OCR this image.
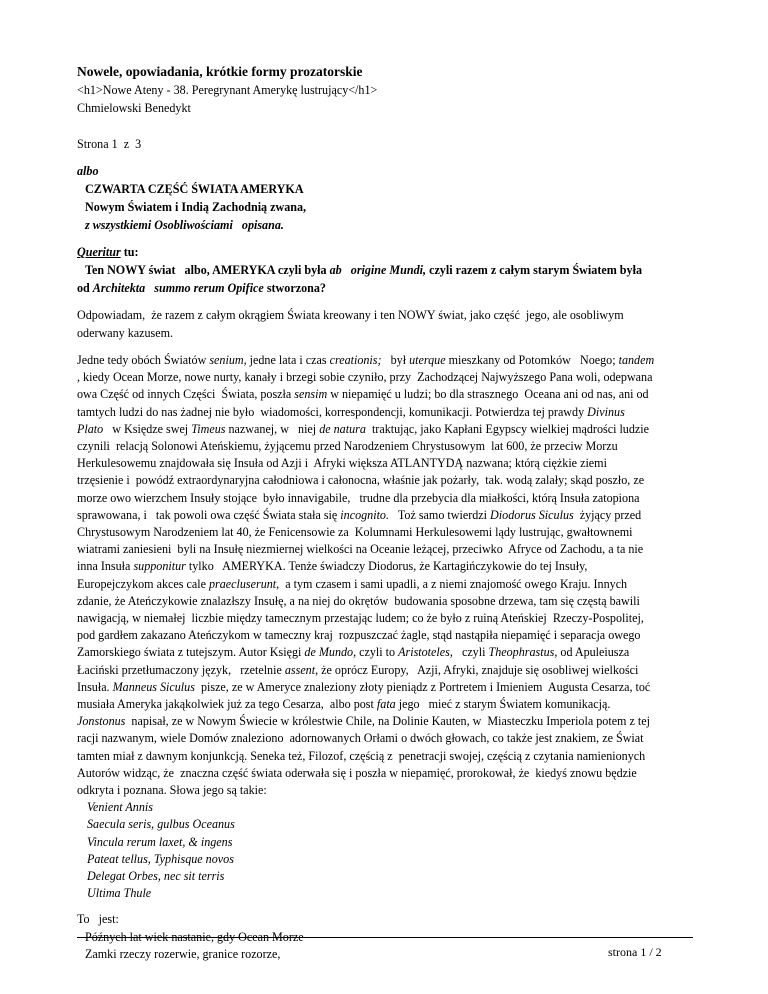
Nowele, opowiadania, krótkie formy prozatorskie
<h1>Nowe Ateny - 38. Peregrynant Amerykę lustrujący</h1>
Chmielowski Benedykt
Strona 1  z  3
albo
CZWARTA CZĘŚĆ ŚWIATA AMERYKA
Nowym Światem i Indią Zachodnią zwana,
z wszystkiemi Osobliwościami   opisana.
Queritur tu:
Ten NOWY świat   albo, AMERYKA czyli była ab   origine Mundi, czyli razem z całym starym Światem była
od Architekta   summo rerum Opifice stworzona?
Odpowiadam,  że razem z całym okrągiem Świata kreowany i ten NOWY świat, jako część  jego, ale osobliwym
oderwany kazusem.
Jedne tedy obóch Światów senium, jedne lata i czas creationis;   był uterque mieszkany od Potomków   Noego; tandem
, kiedy Ocean Morze, nowe nurty, kanały i brzegi sobie czyniło, przy  Zachodzącej Najwyższego Pana woli, odерwana
owa Część od innych Części  Świata, poszła sensim w niepamięć u ludzi; bo dla strasznego  Oceana ani od nas, ani od
tamtych ludzi do nas żadnej nie było  wiadomości, korrespondencji, komunikacji. Potwierdza tej prawdy Divinus
Plato   w Księdze swej Timeus nazwanej, w   niej de natura  traktując, jako Kapłani Egypscy wielkiej mądrości ludzie
czynili  relacją Solonowi Ateńskiemu, żyjącemu przed Narodzeniem Chrystusowym  lat 600, że przeciw Morzu
Herkulesowemu znajdowała się Insuła od Azji i  Afryki większa ATLANTYDĄ nazwana; którą ciężkie ziemi
trzęsienie i  powódź extraordynaryjna całodniowa i całonocna, właśnie jak pożarły,  tak. wodą zalały; skąd poszło, ze
morze owo wierzchem Insuły stojące  było innavigabile,   trudne dla przebycia dla miałkości, którą Insuła zatopiona
sprawowana, i   tak powoli owa część Świata stała się incognito.   Toż samo twierdzi Diodorus Siculus  żyjący przed
Chrystusowym Narodzeniem lat 40, że Fenicensowie za  Kolumnami Herkulesowemi lądy lustrując, gwałtownemi
wiatrami zaniesieni  byli na Insułę niezmiernej wielkości na Oceanie leżącej, przeciwko  Afryce od Zachodu, a ta nie
inna Insuła supponitur tylko   AMERYKA. Tenże świadczy Diodorus, że Kartagińczykowie do tej Insuły,
Europejczykom akces cale praecluserunt,  a tym czasem i sami upadli, a z niemi znajomość owego Kraju. Innych
zdanie, że Ateńczykowie znalazłszy Insułę, a na niej do okrętów  budowania sposobne drzewa, tam się częstą bawili
nawigacją, w niemałej  liczbie między tamecznym przestając ludem; co że było z ruiną Ateńskiej  Rzeczy-Pospolitej,
pod gardłem zakazano Ateńczykom w tameczny kraj  rozpuszczać żagle, stąd nastąpiła niepamięć i separacja owego
Zamorskiego świata z tutejszym. Autor Księgi de Mundo, czyli to Aristoteles,   czyli Theophrastus, od Apuleiusza
Łaciński przetłumaczony język,   rzetelnie assent, że oprócz Europy,   Azji, Afryki, znajduje się osobliwej wielkości
Insuła. Manneus Siculus  pisze, ze w Ameryce znaleziony złoty pieniądz z Portretem i Imieniem  Augusta Cesarza, toć
musiała Ameryka jakąkolwiek już za tego Cesarza,  albo post fata jego   mieć z starym Światem komunikacją.
Jonstonus  napisał, ze w Nowym Świecie w królestwie Chile, na Dolinie Kauten, w  Miasteczku Imperiola potem z tej
racji nazwanym, wiele Domów znaleziono  adornowanych Orłami o dwóch głowach, co także jest znakiem, ze Świat
tamten miał z dawnym konjunkcją. Seneka też, Filozof, częścią z  penetracji swojej, częścią z czytania namienionych
Autorów widząc, że  znaczna część świata oderwała się i poszła w niepamięć, prorokował, że  kiedyś znowu będzie
odkryta i poznana. Słowa jego są takie:
Venient Annis
Saecula seris, gulbus Oceanus
Vincula rerum laxet, & ingens
Pateat tellus, Typhisque novos
Delegat Orbes, nec sit terris
Ultima Thule
strona 1 / 2
To   jest:
Późnych lat wiek nastanie, gdy Ocean Morze
Zamki rzeczy rozerwie, granice rozorze,
